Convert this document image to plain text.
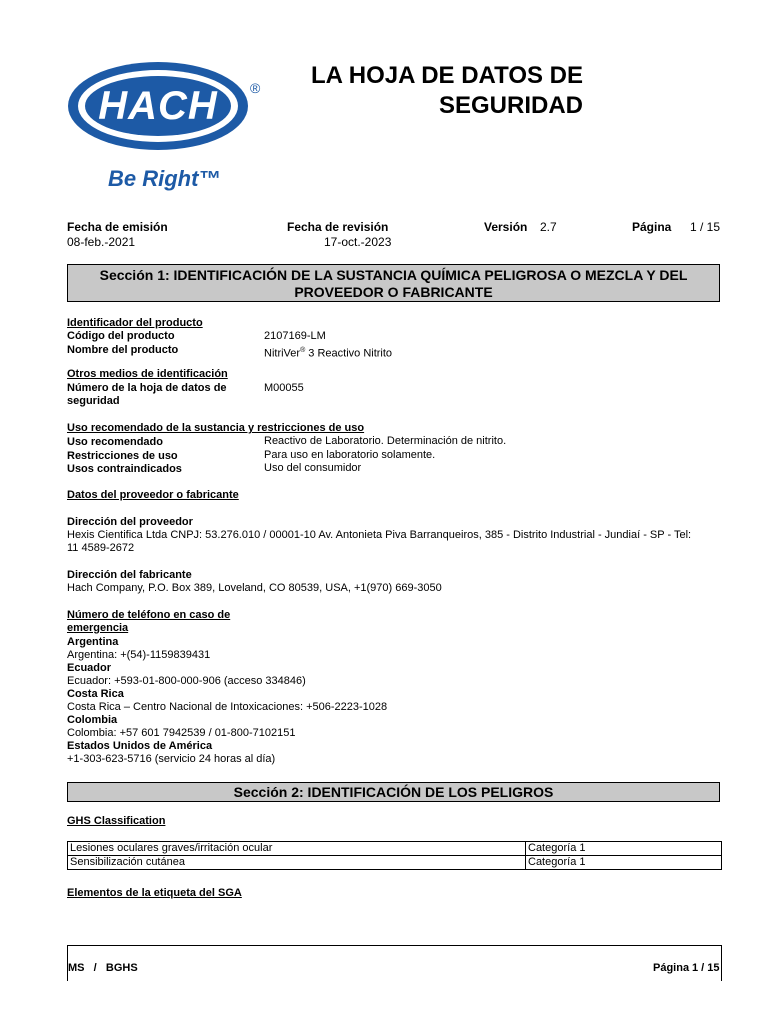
HACH	®
Be Right™
LA HOJA DE DATOS DE
SEGURIDAD
Fecha de emisión
08-feb.-2021
Fecha de revisión
17-oct.-2023
Versión 2.7	Página 1 / 15
Sección 1: IDENTIFICACIÓN DE LA SUSTANCIA QUÍMICA PELIGROSA O MEZCLA Y DEL
PROVEEDOR O FABRICANTE
Identificador del producto
Código del producto	2107169-LM
Nombre del producto	NitriVer® 3 Reactivo Nitrito
Otros medios de identificación
Número de la hoja de datos de
seguridad
M00055
Uso recomendado de la sustancia y restricciones de uso
Uso recomendado	Reactivo de Laboratorio. Determinación de nitrito.
Restricciones de uso	Para uso en laboratorio solamente.
Usos contraindicados	Uso del consumidor
Datos del proveedor o fabricante
Dirección del proveedor
Hexis Cientifica Ltda CNPJ: 53.276.010 / 00001-10 Av. Antonieta Piva Barranqueiros, 385 - Distrito Industrial - Jundiaí - SP - Tel:
11 4589-2672
Dirección del fabricante
Hach Company, P.O. Box 389, Loveland, CO 80539, USA, +1(970) 669-3050
Número de teléfono en caso de
emergencia
Argentina
Argentina: +(54)-1159839431
Ecuador
Ecuador: +593-01-800-000-906 (acceso 334846)
Costa Rica
Costa Rica – Centro Nacional de Intoxicaciones: +506-2223-1028
Colombia
Colombia: +57 601 7942539 / 01-800-7102151
Estados Unidos de América
+1-303-623-5716 (servicio 24 horas al día)
Sección 2: IDENTIFICACIÓN DE LOS PELIGROS
GHS Classification
Lesiones oculares graves/irritación ocular	Categoría 1
Sensibilización cutánea	Categoría 1
Elementos de la etiqueta del SGA
MS   /   BGHS	Página 1 / 15
